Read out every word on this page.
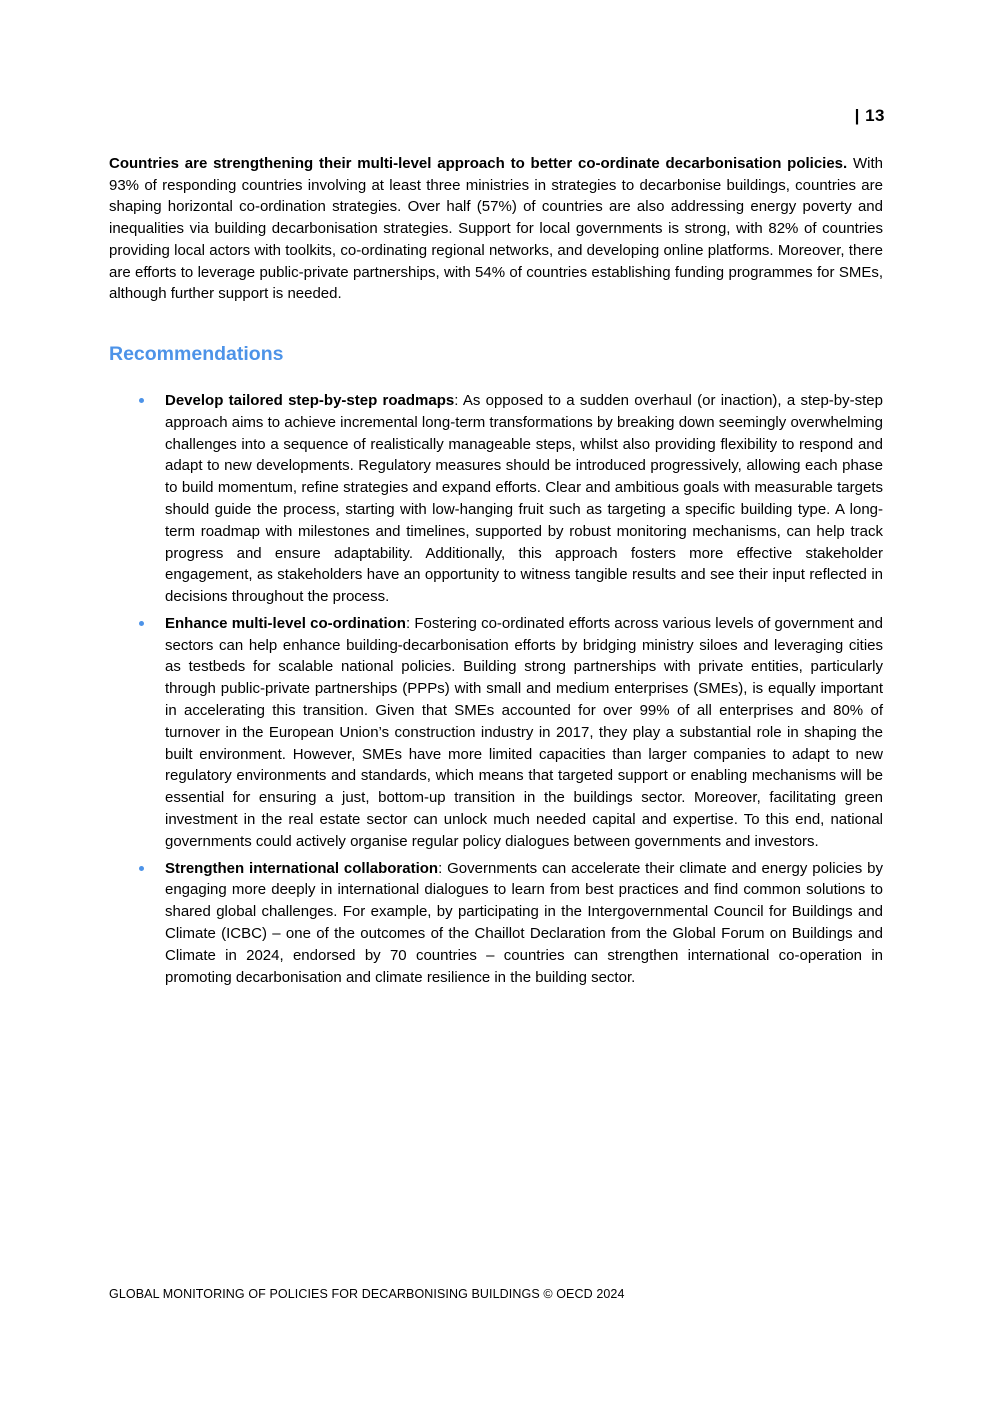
| 13

Countries are strengthening their multi-level approach to better co-ordinate decarbonisation policies. With 93% of responding countries involving at least three ministries in strategies to decarbonise buildings, countries are shaping horizontal co-ordination strategies. Over half (57%) of countries are also addressing energy poverty and inequalities via building decarbonisation strategies. Support for local governments is strong, with 82% of countries providing local actors with toolkits, co-ordinating regional networks, and developing online platforms. Moreover, there are efforts to leverage public-private partnerships, with 54% of countries establishing funding programmes for SMEs, although further support is needed.

Recommendations
Develop tailored step-by-step roadmaps: As opposed to a sudden overhaul (or inaction), a step-by-step approach aims to achieve incremental long-term transformations by breaking down seemingly overwhelming challenges into a sequence of realistically manageable steps, whilst also providing flexibility to respond and adapt to new developments. Regulatory measures should be introduced progressively, allowing each phase to build momentum, refine strategies and expand efforts. Clear and ambitious goals with measurable targets should guide the process, starting with low-hanging fruit such as targeting a specific building type. A long-term roadmap with milestones and timelines, supported by robust monitoring mechanisms, can help track progress and ensure adaptability. Additionally, this approach fosters more effective stakeholder engagement, as stakeholders have an opportunity to witness tangible results and see their input reflected in decisions throughout the process.
Enhance multi-level co-ordination: Fostering co-ordinated efforts across various levels of government and sectors can help enhance building-decarbonisation efforts by bridging ministry siloes and leveraging cities as testbeds for scalable national policies. Building strong partnerships with private entities, particularly through public-private partnerships (PPPs) with small and medium enterprises (SMEs), is equally important in accelerating this transition. Given that SMEs accounted for over 99% of all enterprises and 80% of turnover in the European Union’s construction industry in 2017, they play a substantial role in shaping the built environment. However, SMEs have more limited capacities than larger companies to adapt to new regulatory environments and standards, which means that targeted support or enabling mechanisms will be essential for ensuring a just, bottom-up transition in the buildings sector. Moreover, facilitating green investment in the real estate sector can unlock much needed capital and expertise. To this end, national governments could actively organise regular policy dialogues between governments and investors.
Strengthen international collaboration: Governments can accelerate their climate and energy policies by engaging more deeply in international dialogues to learn from best practices and find common solutions to shared global challenges. For example, by participating in the Intergovernmental Council for Buildings and Climate (ICBC) – one of the outcomes of the Chaillot Declaration from the Global Forum on Buildings and Climate in 2024, endorsed by 70 countries – countries can strengthen international co-operation in promoting decarbonisation and climate resilience in the building sector.
GLOBAL MONITORING OF POLICIES FOR DECARBONISING BUILDINGS © OECD 2024
